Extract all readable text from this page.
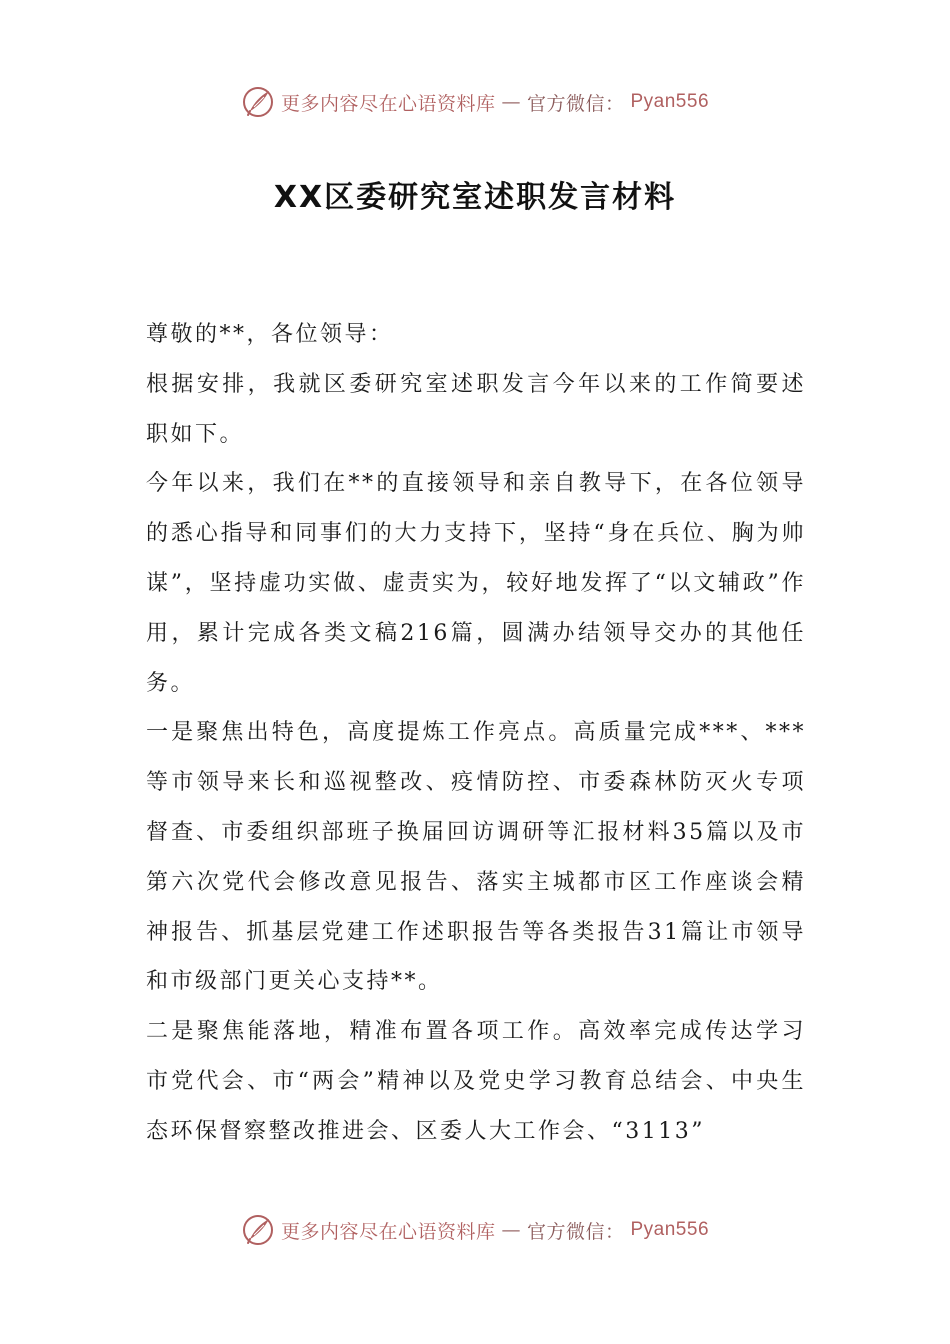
更多内容尽在心语资料库 — 官方微信： Pyan556
XX区委研究室述职发言材料

尊敬的**，各位领导：

根据安排，我就区委研究室述职发言今年以来的工作简要述职如下。

今年以来，我们在**的直接领导和亲自教导下，在各位领导的悉心指导和同事们的大力支持下，坚持“身在兵位、胸为帅谋”，坚持虚功实做、虚责实为，较好地发挥了“以文辅政”作用，累计完成各类文稿216篇，圆满办结领导交办的其他任务。

一是聚焦出特色，高度提炼工作亮点。高质量完成***、***等市领导来长和巡视整改、疫情防控、市委森林防灭火专项督查、市委组织部班子换届回访调研等汇报材料35篇以及市第六次党代会修改意见报告、落实主城都市区工作座谈会精神报告、抓基层党建工作述职报告等各类报告31篇让市领导和市级部门更关心支持**。

二是聚焦能落地，精准布置各项工作。高效率完成传达学习市党代会、市“两会”精神以及党史学习教育总结会、中央生态环保督察整改推进会、区委人大工作会、“3113”

更多内容尽在心语资料库 — 官方微信： Pyan556
